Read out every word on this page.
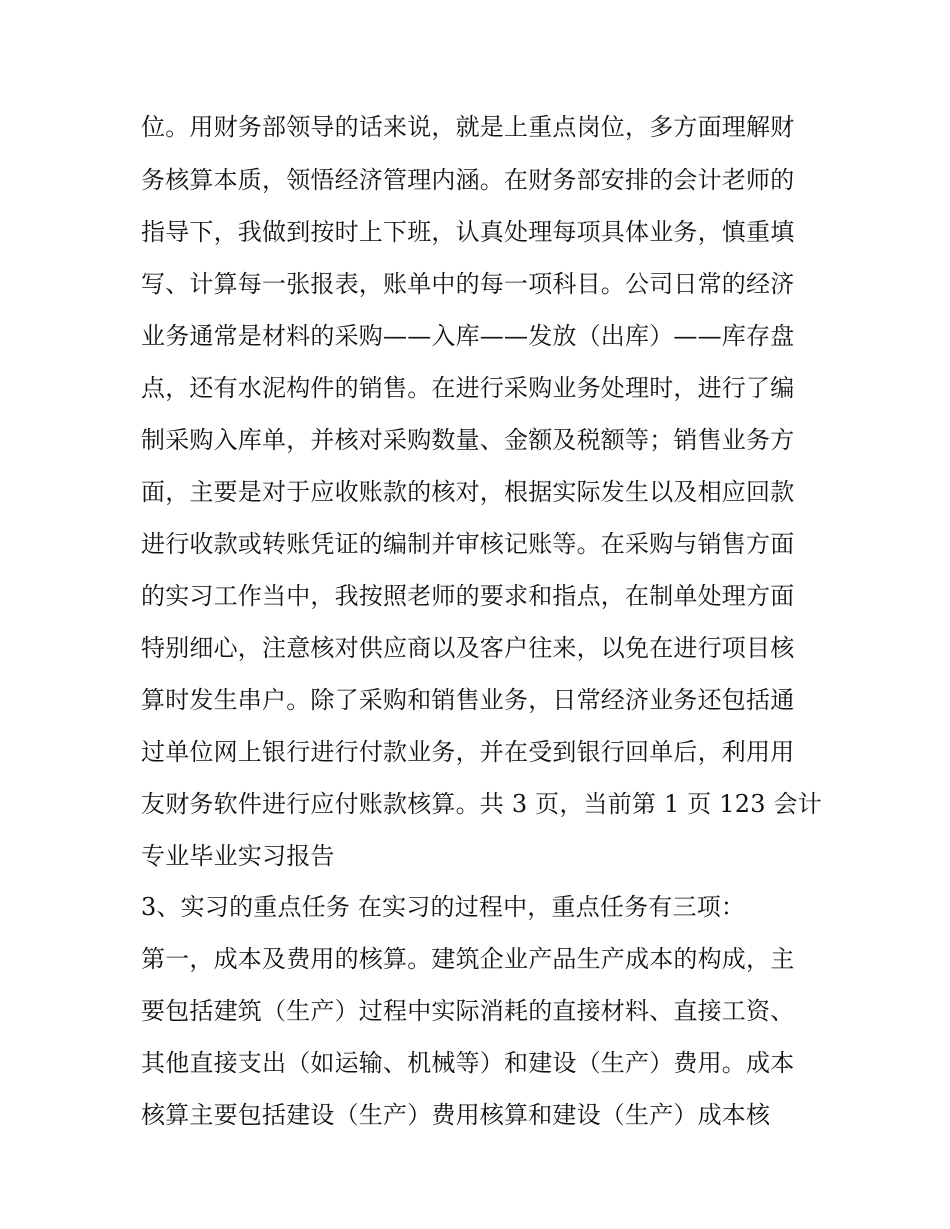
位。用财务部领导的话来说，就是上重点岗位，多方面理解财
务核算本质，领悟经济管理内涵。在财务部安排的会计老师的
指导下，我做到按时上下班，认真处理每项具体业务，慎重填
写、计算每一张报表，账单中的每一项科目。公司日常的经济
业务通常是材料的采购——入库——发放（出库）——库存盘
点，还有水泥构件的销售。在进行采购业务处理时，进行了编
制采购入库单，并核对采购数量、金额及税额等；销售业务方
面，主要是对于应收账款的核对，根据实际发生以及相应回款
进行收款或转账凭证的编制并审核记账等。在采购与销售方面
的实习工作当中，我按照老师的要求和指点，在制单处理方面
特别细心，注意核对供应商以及客户往来，以免在进行项目核
算时发生串户。除了采购和销售业务，日常经济业务还包括通
过单位网上银行进行付款业务，并在受到银行回单后，利用用
友财务软件进行应付账款核算。共 3 页，当前第 1 页 123 会计
专业毕业实习报告
3、实习的重点任务 在实习的过程中，重点任务有三项：
第一，成本及费用的核算。建筑企业产品生产成本的构成，主
要包括建筑（生产）过程中实际消耗的直接材料、直接工资、
其他直接支出（如运输、机械等）和建设（生产）费用。成本
核算主要包括建设（生产）费用核算和建设（生产）成本核
